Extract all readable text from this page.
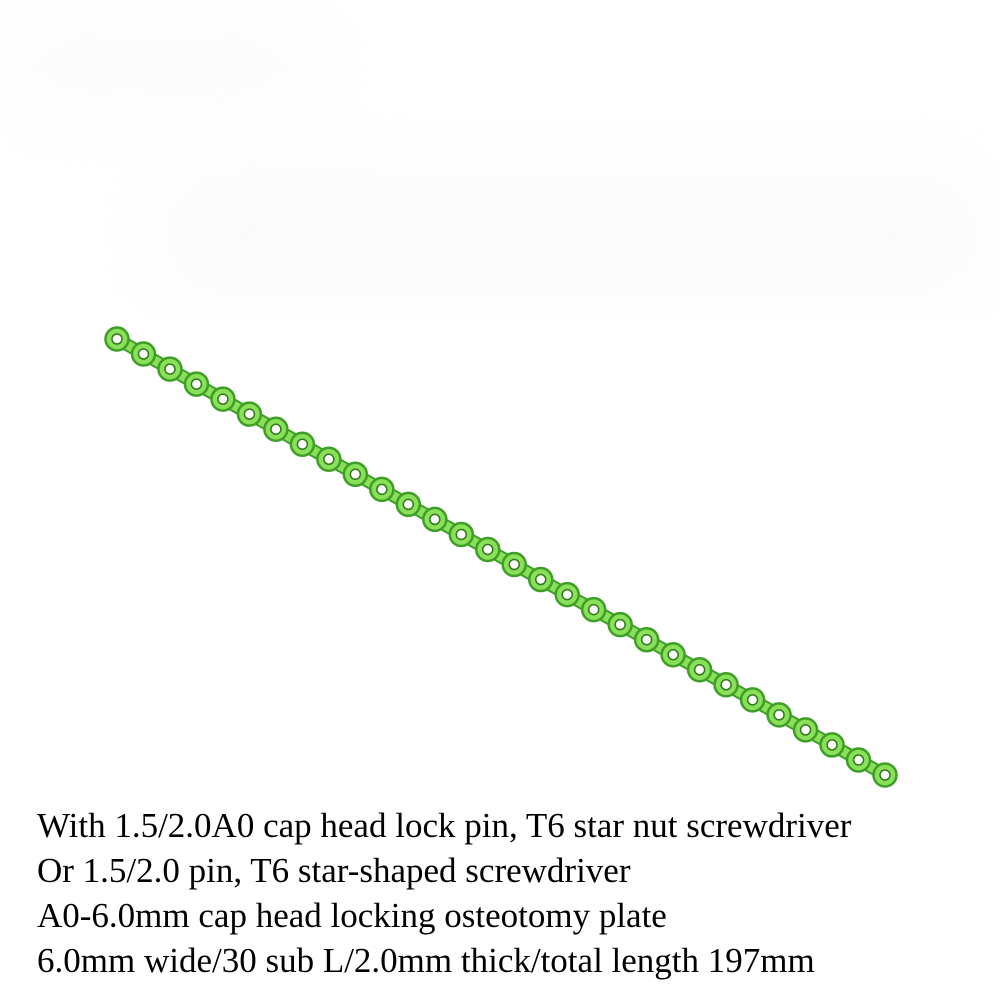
With 1.5/2.0A0 cap head lock pin, T6 star nut screwdriver
Or 1.5/2.0 pin, T6 star-shaped screwdriver
A0-6.0mm cap head locking osteotomy plate
6.0mm wide/30 sub L/2.0mm thick/total length 197mm
